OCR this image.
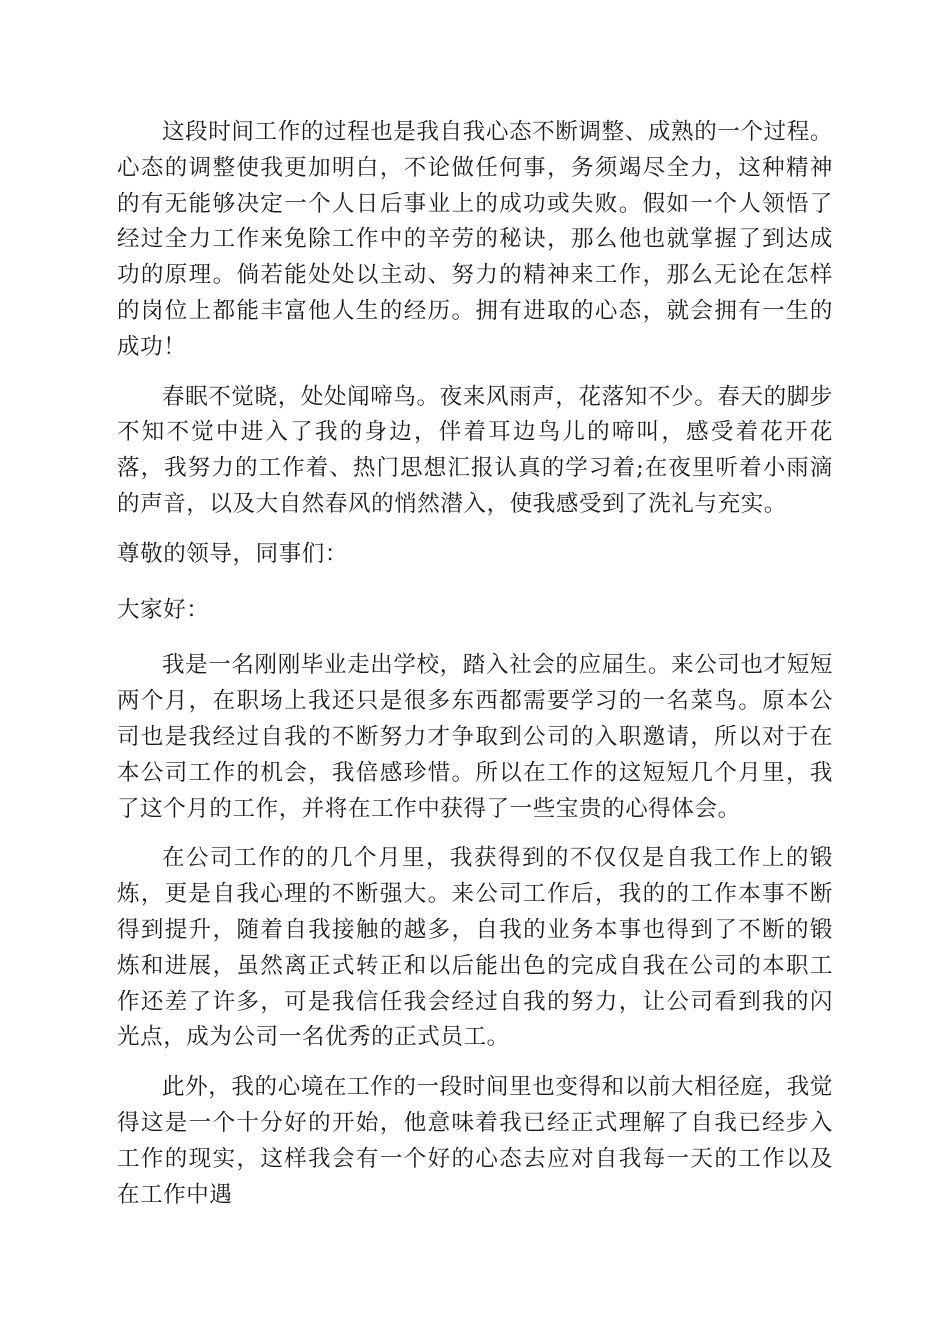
这段时间工作的过程也是我自我心态不断调整、成熟的一个过程。心态的调整使我更加明白，不论做任何事，务须竭尽全力，这种精神的有无能够决定一个人日后事业上的成功或失败。假如一个人领悟了经过全力工作来免除工作中的辛劳的秘诀，那么他也就掌握了到达成功的原理。倘若能处处以主动、努力的精神来工作，那么无论在怎样的岗位上都能丰富他人生的经历。拥有进取的心态，就会拥有一生的成功！

春眠不觉晓，处处闻啼鸟。夜来风雨声，花落知不少。春天的脚步不知不觉中进入了我的身边，伴着耳边鸟儿的啼叫，感受着花开花落，我努力的工作着、热门思想汇报认真的学习着;在夜里听着小雨滴的声音，以及大自然春风的悄然潜入，使我感受到了洗礼与充实。

尊敬的领导，同事们：

大家好：

我是一名刚刚毕业走出学校，踏入社会的应届生。来公司也才短短两个月，在职场上我还只是很多东西都需要学习的一名菜鸟。原本公司也是我经过自我的不断努力才争取到公司的入职邀请，所以对于在本公司工作的机会，我倍感珍惜。所以在工作的这短短几个月里，我了这个月的工作，并将在工作中获得了一些宝贵的心得体会。

在公司工作的的几个月里，我获得到的不仅仅是自我工作上的锻炼，更是自我心理的不断强大。来公司工作后，我的的工作本事不断得到提升，随着自我接触的越多，自我的业务本事也得到了不断的锻炼和进展，虽然离正式转正和以后能出色的完成自我在公司的本职工作还差了许多，可是我信任我会经过自我的努力，让公司看到我的闪光点，成为公司一名优秀的正式员工。

此外，我的心境在工作的一段时间里也变得和以前大相径庭，我觉得这是一个十分好的开始，他意味着我已经正式理解了自我已经步入工作的现实，这样我会有一个好的心态去应对自我每一天的工作以及在工作中遇
